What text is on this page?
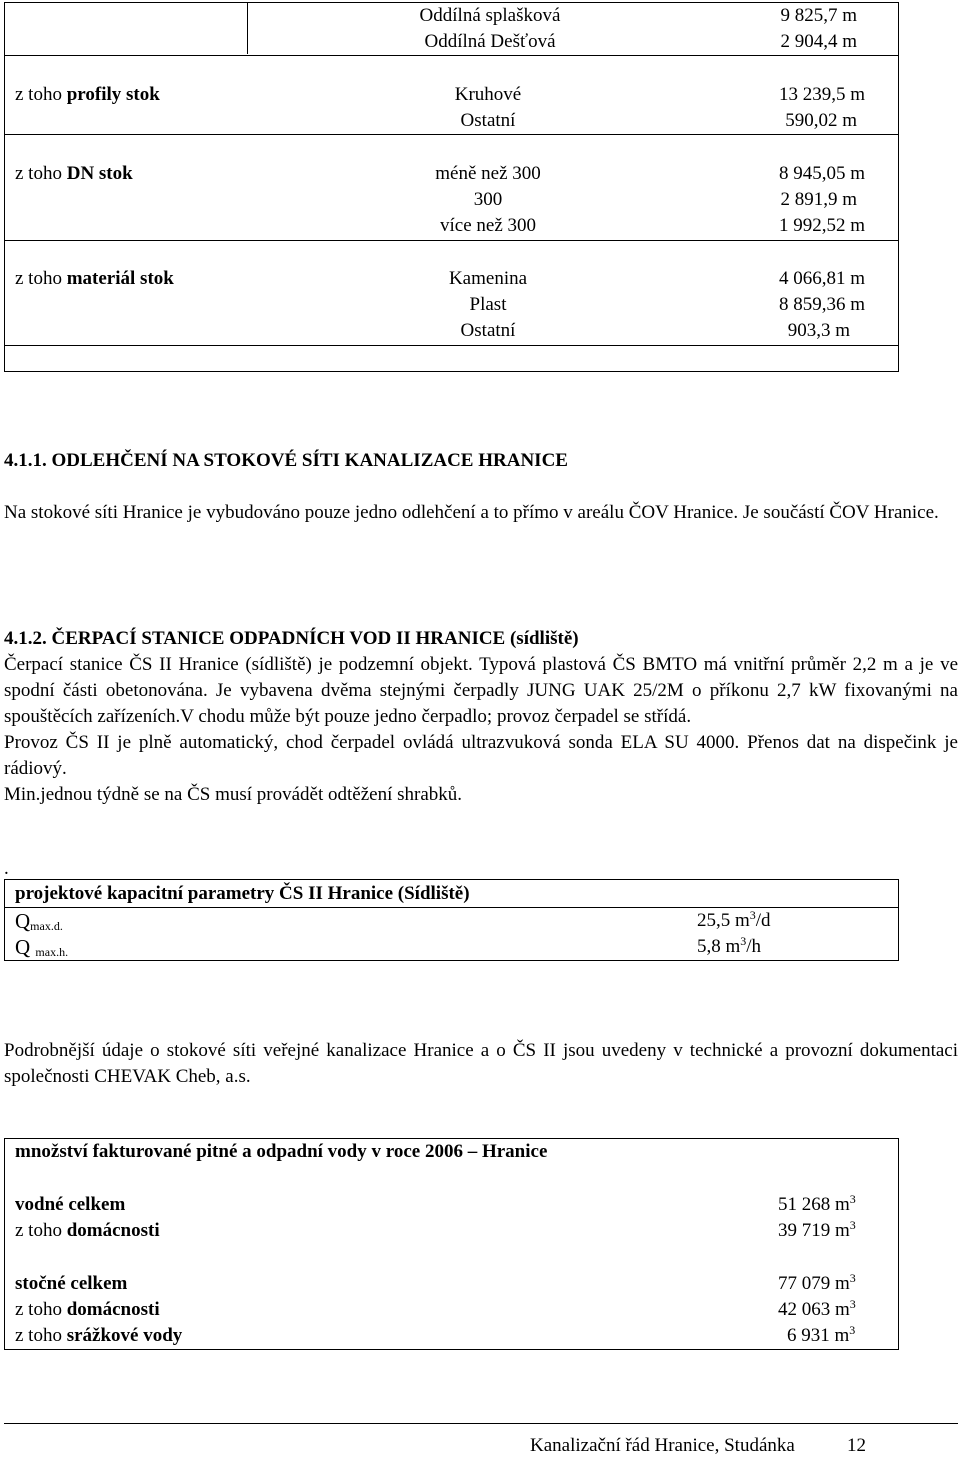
Oddílná splašková	9 825,7 m
Oddílná Dešťová	2 904,4 m
z toho profily stok	Kruhové	13 239,5 m
Ostatní	590,02 m
z toho DN stok	méně než 300	8 945,05 m
300	2 891,9 m
více než 300	1 992,52 m
z toho materiál stok	Kamenina	4 066,81 m
Plast	8 859,36 m
Ostatní	903,3 m
4.1.1. ODLEHČENÍ NA STOKOVÉ SÍTI KANALIZACE HRANICE

Na stokové síti Hranice je vybudováno pouze jedno odlehčení a to přímo v areálu ČOV Hranice. Je součástí ČOV Hranice.

4.1.2. ČERPACÍ STANICE ODPADNÍCH VOD II HRANICE (sídliště)

Čerpací stanice ČS II Hranice (sídliště) je podzemní objekt. Typová plastová ČS BMTO má vnitřní průměr 2,2 m a je ve spodní části obetonována. Je vybavena dvěma stejnými čerpadly JUNG UAK 25/2M o příkonu 2,7 kW fixovanými na spouštěcích zařízeních.V chodu může být pouze jedno čerpadlo; provoz čerpadel se střídá.

Provoz ČS II je plně automatický, chod čerpadel ovládá ultrazvuková sonda ELA SU 4000. Přenos dat na dispečink je rádiový.

Min.jednou týdně se na ČS musí provádět odtěžení shrabků.

.
projektové kapacitní parametry ČS II Hranice (Sídliště)
Qmax.d.	25,5 $m^3/d$
Q max.h.	5,8 $m^3/h$

Podrobnější údaje o stokové síti veřejné kanalizace Hranice a o ČS II jsou uvedeny v technické a provozní dokumentaci společnosti CHEVAK Cheb, a.s.

množství fakturované pitné a odpadní vody v roce 2006 – Hranice
vodné celkem	51 268 $m^3$
z toho domácnosti	39 719 $m^3$
stočné celkem	77 079 $m^3$
z toho domácnosti	42 063 $m^3$
z toho srážkové vody	6 931 $m^3$
Kanalizační řád Hranice, Studánka	12
